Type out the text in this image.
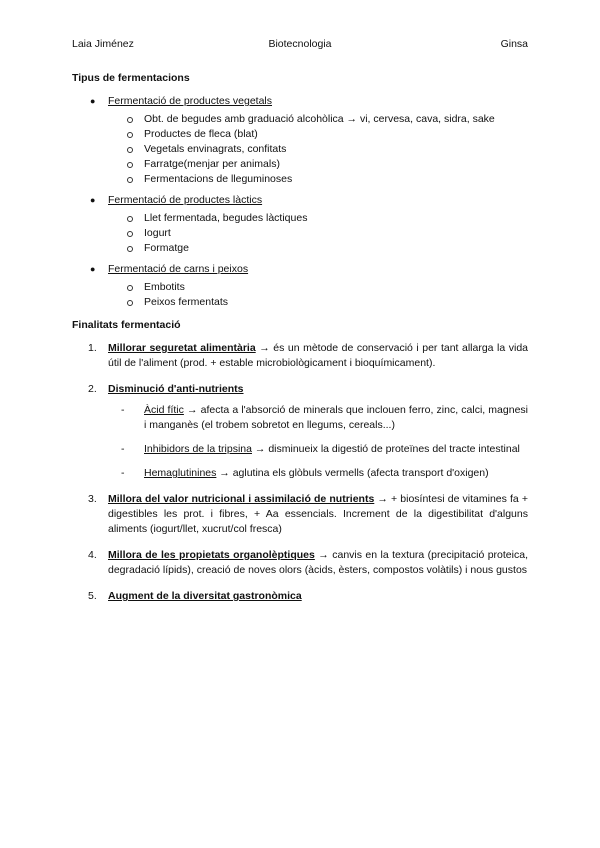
Laia Jiménez	Biotecnologia	Ginsa
Tipus de fermentacions
● Fermentació de productes vegetals
Obt. de begudes amb graduació alcohòlica → vi, cervesa, cava, sidra, sake
Productes de fleca (blat)
Vegetals envinagrats, confitats
Farratge(menjar per animals)
Fermentacions de lleguminoses
● Fermentació de productes làctics
Llet fermentada, begudes làctiques
Iogurt
Formatge
● Fermentació de carns i peixos
Embotits
Peixos fermentats
Finalitats fermentació
1. Millorar seguretat alimentària → és un mètode de conservació i per tant allarga la vida útil de l'aliment (prod. + estable microbiològicament i bioquímicament).
2. Disminució d'anti-nutrients
- Àcid fític → afecta a l'absorció de minerals que inclouen ferro, zinc, calci, magnesi i manganès (el trobem sobretot en llegums, cereals...)
- Inhibidors de la tripsina → disminueix la digestió de proteïnes del tracte intestinal
- Hemaglutinines → aglutina els glòbuls vermells (afecta transport d'oxigen)
3. Millora del valor nutricional i assimilació de nutrients → + biosíntesi de vitamines fa + digestibles les prot. i fibres, + Aa essencials. Increment de la digestibilitat d'alguns aliments (iogurt/llet, xucrut/col fresca)
4. Millora de les propietats organolèptiques → canvis en la textura (precipitació proteica, degradació lípids), creació de noves olors (àcids, èsters, compostos volàtils) i nous gustos
5. Augment de la diversitat gastronòmica
